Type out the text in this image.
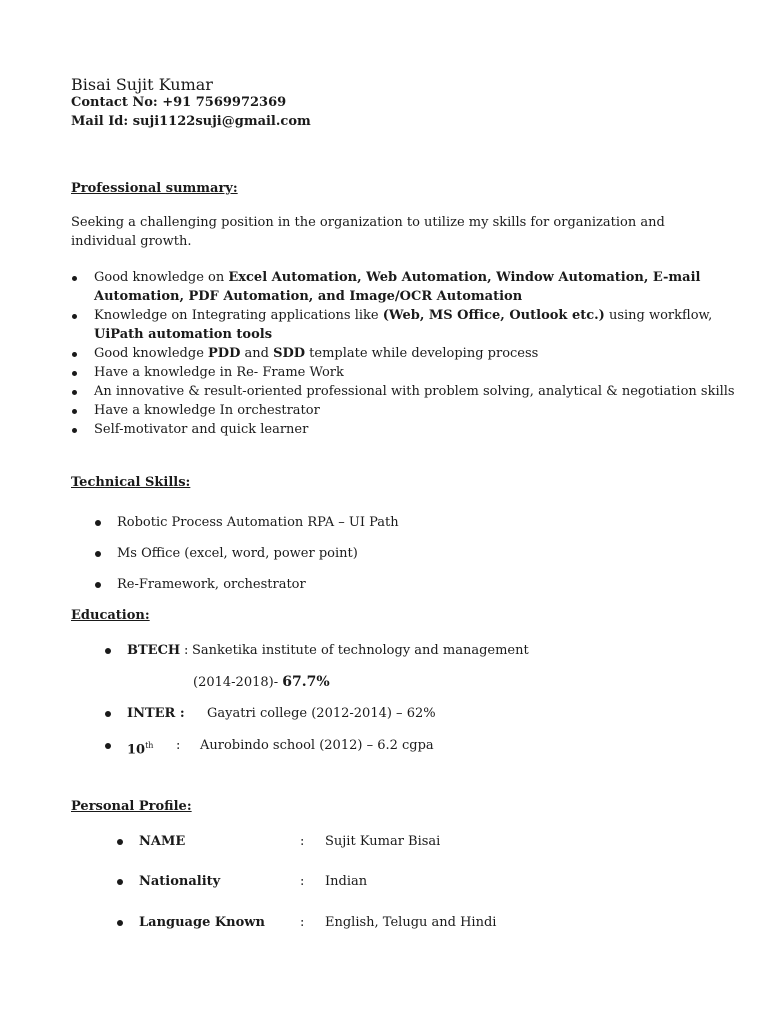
Bisai Sujit Kumar
Contact No: +91 7569972369
Mail Id: suji1122suji@gmail.com
Professional summary:
Seeking a challenging position in the organization to utilize my skills for organization and
individual growth.
Good knowledge on Excel Automation, Web Automation, Window Automation, E-mail
Automation, PDF Automation, and Image/OCR Automation
Knowledge on Integrating applications like (Web, MS Office, Outlook etc.) using workflow,
UiPath automation tools
Good knowledge PDD and SDD template while developing process
Have a knowledge in Re- Frame Work
An innovative & result-oriented professional with problem solving, analytical & negotiation skills
Have a knowledge In orchestrator
Self-motivator and quick learner
Technical Skills:
Robotic Process Automation RPA – UI Path
Ms Office (excel, word, power point)
Re-Framework, orchestrator
Education:
BTECH : Sanketika institute of technology and management
(2014-2018)- 67.7%
INTER : Gayatri college (2012-2014) – 62%
10th : Aurobindo school (2012) – 6.2 cgpa
Personal Profile:
NAME	: Sujit Kumar Bisai
Nationality	: Indian
Language Known	: English, Telugu and Hindi
